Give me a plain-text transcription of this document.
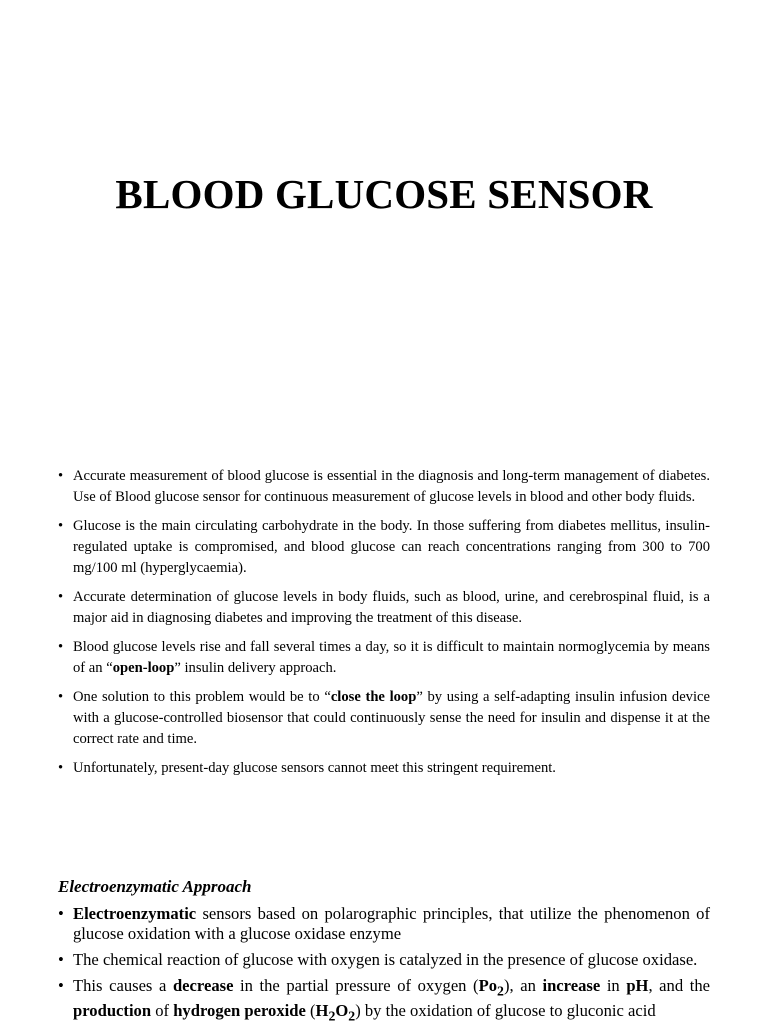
BLOOD GLUCOSE SENSOR
• Accurate measurement of blood glucose is essential in the diagnosis and long-term management of diabetes. Use of Blood glucose sensor for continuous measurement of glucose levels in blood and other body fluids.
• Glucose is the main circulating carbohydrate in the body. In those suffering from diabetes mellitus, insulin-regulated uptake is compromised, and blood glucose can reach concentrations ranging from 300 to 700 mg/100 ml (hyperglycaemia).
• Accurate determination of glucose levels in body fluids, such as blood, urine, and cerebrospinal fluid, is a major aid in diagnosing diabetes and improving the treatment of this disease.
• Blood glucose levels rise and fall several times a day, so it is difficult to maintain normoglycemia by means of an “open-loop” insulin delivery approach.
• One solution to this problem would be to “close the loop” by using a self-adapting insulin infusion device with a glucose-controlled biosensor that could continuously sense the need for insulin and dispense it at the correct rate and time.
• Unfortunately, present-day glucose sensors cannot meet this stringent requirement.
Electroenzymatic Approach
• Electroenzymatic sensors based on polarographic principles, that utilize the phenomenon of glucose oxidation with a glucose oxidase enzyme
• The chemical reaction of glucose with oxygen is catalyzed in the presence of glucose oxidase.
• This causes a decrease in the partial pressure of oxygen $(Po_2)$, an increase in pH, and the production of hydrogen peroxide $(H_2O_2)$ by the oxidation of glucose to gluconic acid
